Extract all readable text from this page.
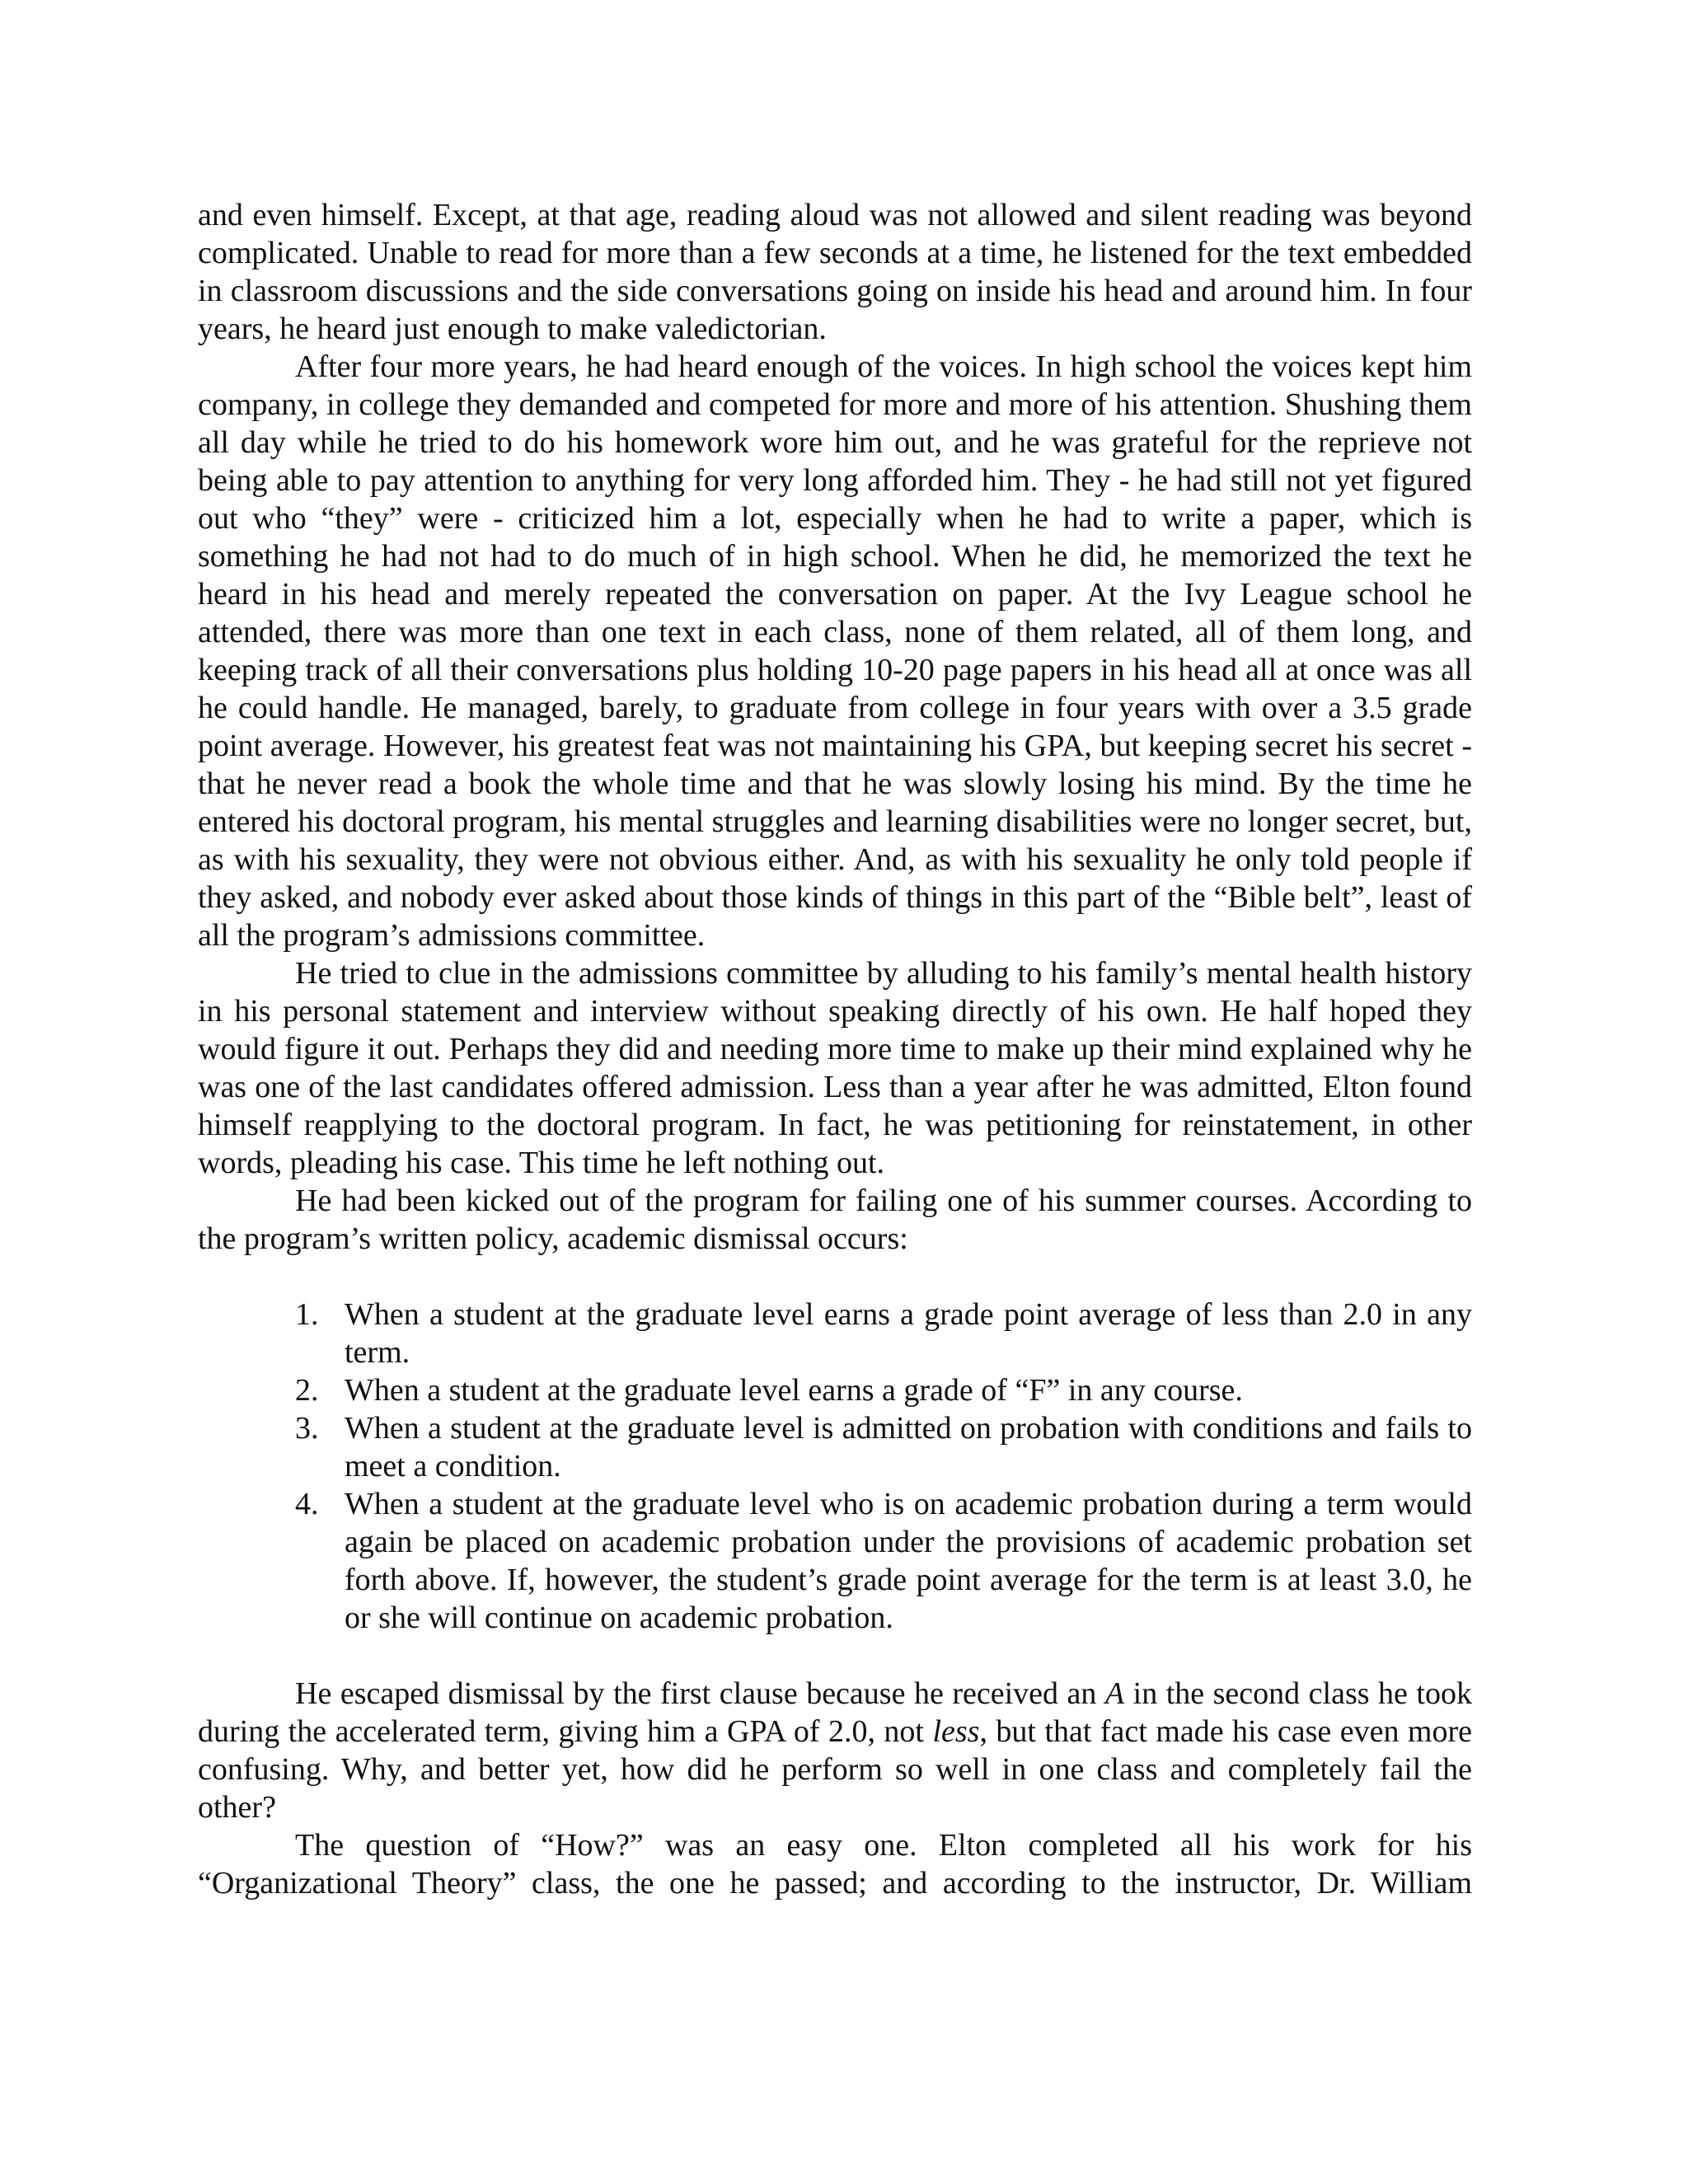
and even himself. Except, at that age, reading aloud was not allowed and silent reading was beyond complicated. Unable to read for more than a few seconds at a time, he listened for the text embedded in classroom discussions and the side conversations going on inside his head and around him. In four years, he heard just enough to make valedictorian.

After four more years, he had heard enough of the voices. In high school the voices kept him company, in college they demanded and competed for more and more of his attention. Shushing them all day while he tried to do his homework wore him out, and he was grateful for the reprieve not being able to pay attention to anything for very long afforded him. They - he had still not yet figured out who “they” were - criticized him a lot, especially when he had to write a paper, which is something he had not had to do much of in high school. When he did, he memorized the text he heard in his head and merely repeated the conversation on paper. At the Ivy League school he attended, there was more than one text in each class, none of them related, all of them long, and keeping track of all their conversations plus holding 10-20 page papers in his head all at once was all he could handle. He managed, barely, to graduate from college in four years with over a 3.5 grade point average. However, his greatest feat was not maintaining his GPA, but keeping secret his secret - that he never read a book the whole time and that he was slowly losing his mind. By the time he entered his doctoral program, his mental struggles and learning disabilities were no longer secret, but, as with his sexuality, they were not obvious either. And, as with his sexuality he only told people if they asked, and nobody ever asked about those kinds of things in this part of the “Bible belt”, least of all the program’s admissions committee.

He tried to clue in the admissions committee by alluding to his family’s mental health history in his personal statement and interview without speaking directly of his own. He half hoped they would figure it out. Perhaps they did and needing more time to make up their mind explained why he was one of the last candidates offered admission. Less than a year after he was admitted, Elton found himself reapplying to the doctoral program. In fact, he was petitioning for reinstatement, in other words, pleading his case. This time he left nothing out.

He had been kicked out of the program for failing one of his summer courses. According to the program’s written policy, academic dismissal occurs:

1. When a student at the graduate level earns a grade point average of less than 2.0 in any term.
2. When a student at the graduate level earns a grade of “F” in any course.
3. When a student at the graduate level is admitted on probation with conditions and fails to meet a condition.
4. When a student at the graduate level who is on academic probation during a term would again be placed on academic probation under the provisions of academic probation set forth above. If, however, the student’s grade point average for the term is at least 3.0, he or she will continue on academic probation.

He escaped dismissal by the first clause because he received an A in the second class he took during the accelerated term, giving him a GPA of 2.0, not less, but that fact made his case even more confusing. Why, and better yet, how did he perform so well in one class and completely fail the other?

The question of “How?” was an easy one. Elton completed all his work for his “Organizational Theory” class, the one he passed; and according to the instructor, Dr. William
